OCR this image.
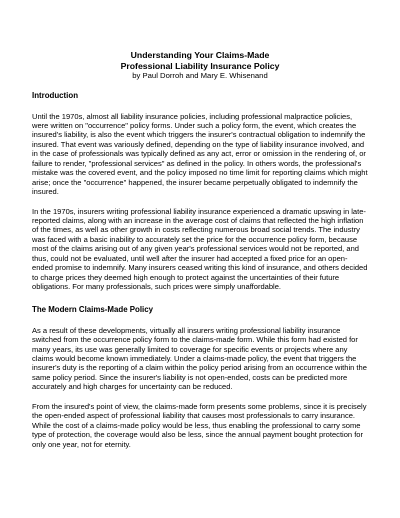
Understanding Your Claims-Made
Professional Liability Insurance Policy
by Paul Dorroh and Mary E. Whisenand
Introduction

Until the 1970s, almost all liability insurance policies, including professional malpractice policies, were written on "occurrence" policy forms. Under such a policy form, the event, which creates the insured's liability, is also the event which triggers the insurer's contractual obligation to indemnify the insured. That event was variously defined, depending on the type of liability insurance involved, and in the case of professionals was typically defined as any act, error or omission in the rendering of, or failure to render, "professional services" as defined in the policy. In others words, the professional's mistake was the covered event, and the policy imposed no time limit for reporting claims which might arise; once the "occurrence" happened, the insurer became perpetually obligated to indemnify the insured.

In the 1970s, insurers writing professional liability insurance experienced a dramatic upswing in late-reported claims, along with an increase in the average cost of claims that reflected the high inflation of the times, as well as other growth in costs reflecting numerous broad social trends. The industry was faced with a basic inability to accurately set the price for the occurrence policy form, because most of the claims arising out of any given year's professional services would not be reported, and thus, could not be evaluated, until well after the insurer had accepted a fixed price for an open-ended promise to indemnify. Many insurers ceased writing this kind of insurance, and others decided to charge prices they deemed high enough to protect against the uncertainties of their future obligations. For many professionals, such prices were simply unaffordable.

The Modern Claims-Made Policy

As a result of these developments, virtually all insurers writing professional liability insurance switched from the occurrence policy form to the claims-made form. While this form had existed for many years, its use was generally limited to coverage for specific events or projects where any claims would become known immediately. Under a claims-made policy, the event that triggers the insurer's duty is the reporting of a claim within the policy period arising from an occurrence within the same policy period. Since the insurer's liability is not open-ended, costs can be predicted more accurately and high charges for uncertainty can be reduced.

From the insured's point of view, the claims-made form presents some problems, since it is precisely the open-ended aspect of professional liability that causes most professionals to carry insurance. While the cost of a claims-made policy would be less, thus enabling the professional to carry some type of protection, the coverage would also be less, since the annual payment bought protection for only one year, not for eternity.
